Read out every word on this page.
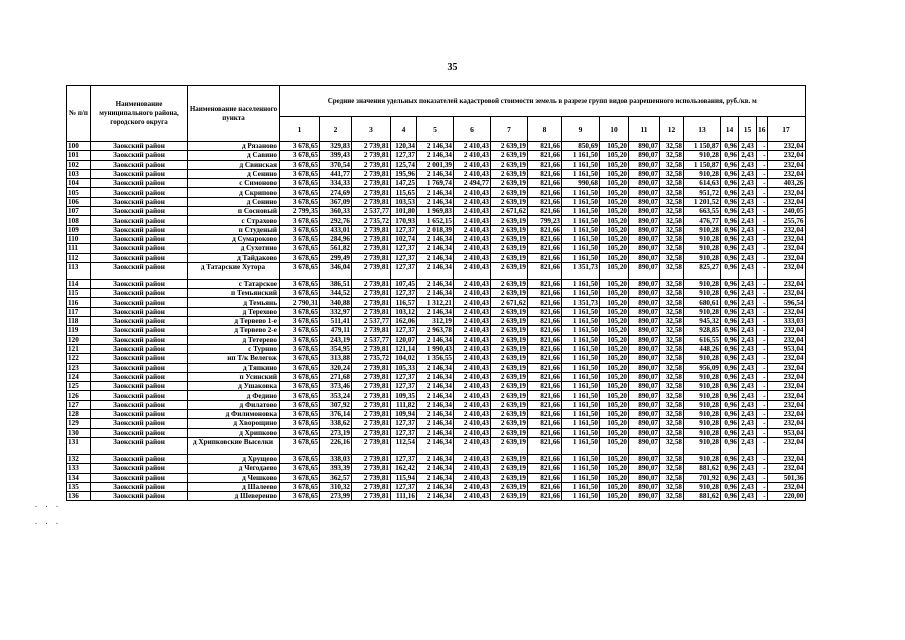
35
· · ·
· · ·
№ п/п	Наименование муниципального района, городского округа	Наименование населенного пункта	Средние значения удельных показателей кадастровой стоимости земель в разрезе групп видов разрешенного использования, руб./кв. м																
			1	2	3	4	5	6	7	8	9	10	11	12	13	14	15	16	17
100	Заокский район	д Рязаново	3 678,65	329,83	2 739,81	120,34	2 146,34	2 410,43	2 639,19	821,66	850,69	105,20	890,07	32,58	1 150,87	0,96	2,43	-	232,04
101	Заокский район	д Савино	3 678,65	399,43	2 739,81	127,37	2 146,34	2 410,43	2 639,19	821,66	1 161,50	105,20	890,07	32,58	910,28	0,96	2,43	-	232,04
102	Заокский район	д Свинская	3 678,65	370,54	2 739,81	125,74	2 001,39	2 410,43	2 639,19	821,66	1 161,50	105,20	890,07	32,58	1 150,87	0,96	2,43	-	232,04
103	Заокский район	д Сенино	3 678,65	441,77	2 739,81	195,96	2 146,34	2 410,43	2 639,19	821,66	1 161,50	105,20	890,07	32,58	910,28	0,96	2,43	-	232,04
104	Заокский район	с Симоново	3 678,65	334,33	2 739,81	147,25	1 769,74	2 494,77	2 639,19	821,66	990,68	105,20	890,07	32,58	614,63	0,96	2,43	-	403,26
105	Заокский район	д Скрипово	3 678,65	274,69	2 739,81	115,65	2 146,34	2 410,43	2 639,19	821,66	1 161,50	105,20	890,07	32,58	951,72	0,96	2,43	-	232,04
106	Заокский район	д Сонино	3 678,65	367,09	2 739,81	103,53	2 146,34	2 410,43	2 639,19	821,66	1 161,50	105,20	890,07	32,58	1 201,52	0,96	2,43	-	232,04
107	Заокский район	п Сосновый	2 799,35	360,33	2 537,77	101,80	1 969,83	2 410,43	2 671,62	821,66	1 161,50	105,20	890,07	32,58	663,55	0,96	2,43	-	240,05
108	Заокский район	с Страхово	3 678,65	292,76	2 735,72	170,93	1 652,15	2 410,43	2 639,19	799,23	1 161,50	105,20	890,07	32,58	476,77	0,96	2,43	-	255,76
109	Заокский район	п Студеный	3 678,65	433,01	2 739,81	127,37	2 018,39	2 410,43	2 639,19	821,66	1 161,50	105,20	890,07	32,58	910,28	0,96	2,43	-	232,04
110	Заокский район	д Сумароково	3 678,65	284,96	2 739,81	102,74	2 146,34	2 410,43	2 639,19	821,66	1 161,50	105,20	890,07	32,58	910,28	0,96	2,43	-	232,04
111	Заокский район	д Сухотино	3 678,65	561,82	2 739,81	127,37	2 146,34	2 410,43	2 639,19	821,66	1 161,50	105,20	890,07	32,58	910,28	0,96	2,43	-	232,04
112	Заокский район	д Тайдаково	3 678,65	299,49	2 739,81	127,37	2 146,34	2 410,43	2 639,19	821,66	1 161,50	105,20	890,07	32,58	910,28	0,96	2,43	-	232,04
113	Заокский район	д Татарские Хутора	3 678,65	346,04	2 739,81	127,37	2 146,34	2 410,43	2 639,19	821,66	1 351,73	105,20	890,07	32,58	825,27	0,96	2,43	-	232,04
114	Заокский район	с Татарское	3 678,65	386,51	2 739,81	107,45	2 146,34	2 410,43	2 639,19	821,66	1 161,50	105,20	890,07	32,58	910,28	0,96	2,43	-	232,04
115	Заокский район	п Темьянский	3 678,65	344,52	2 739,81	127,37	2 146,34	2 410,43	2 639,19	821,66	1 161,50	105,20	890,07	32,58	910,28	0,96	2,43	-	232,04
116	Заокский район	д Темьянь	2 790,31	340,88	2 739,81	116,57	1 312,21	2 410,43	2 671,62	821,66	1 351,73	105,20	890,07	32,58	680,61	0,96	2,43	-	596,54
117	Заокский район	д Терехово	3 678,65	332,97	2 739,81	103,12	2 146,34	2 410,43	2 639,19	821,66	1 161,50	105,20	890,07	32,58	910,28	0,96	2,43	-	232,04
118	Заокский район	д Тервево 1-е	3 678,65	511,41	2 537,77	162,06	312,19	2 410,43	2 639,19	821,66	1 161,50	105,20	890,07	32,58	945,32	0,96	2,43	-	333,03
119	Заокский район	д Тервево 2-е	3 678,65	479,11	2 739,81	127,37	2 963,78	2 410,43	2 639,19	821,66	1 161,50	105,20	890,07	32,58	928,85	0,96	2,43	-	232,04
120	Заокский район	д Тетерево	3 678,65	243,19	2 537,77	120,07	2 146,34	2 410,43	2 639,19	821,66	1 161,50	105,20	890,07	32,58	616,55	0,96	2,43	-	232,04
121	Заокский район	с Турнио	3 678,65	354,95	2 739,81	121,14	1 990,43	2 410,43	2 639,19	821,66	1 161,50	105,20	890,07	32,58	448,26	0,96	2,43	-	953,04
122	Заокский район	нп Т/к Велегож	3 678,65	313,88	2 735,72	104,02	1 356,55	2 410,43	2 639,19	821,66	1 161,50	105,20	890,07	32,58	910,28	0,96	2,43	-	232,04
123	Заокский район	д Тяпкино	3 678,65	320,24	2 739,81	105,33	2 146,34	2 410,43	2 639,19	821,66	1 161,50	105,20	890,07	32,58	956,09	0,96	2,43	-	232,04
124	Заокский район	п Усинский	3 678,65	271,68	2 739,81	127,37	2 146,34	2 410,43	2 639,19	821,66	1 161,50	105,20	890,07	32,58	910,28	0,96	2,43	-	232,04
125	Заокский район	д Ушаковка	3 678,65	373,46	2 739,81	127,37	2 146,34	2 410,43	2 639,19	821,66	1 161,50	105,20	890,07	32,58	910,28	0,96	2,43	-	232,04
126	Заокский район	д Федино	3 678,65	353,24	2 739,81	109,35	2 146,34	2 410,43	2 639,19	821,66	1 161,50	105,20	890,07	32,58	910,28	0,96	2,43	-	232,04
127	Заокский район	д Филатово	3 678,65	307,92	2 739,81	111,82	2 146,34	2 410,43	2 639,19	821,66	1 161,50	105,20	890,07	32,58	910,28	0,96	2,43	-	232,04
128	Заокский район	д Филимоновка	3 678,65	376,14	2 739,81	109,94	2 146,34	2 410,43	2 639,19	821,66	1 161,50	105,20	890,07	32,58	910,28	0,96	2,43	-	232,04
129	Заокский район	д Хворощино	3 678,65	338,62	2 739,81	127,37	2 146,34	2 410,43	2 639,19	821,66	1 161,50	105,20	890,07	32,58	910,28	0,96	2,43	-	232,04
130	Заокский район	д Хрипково	3 678,65	273,19	2 739,81	127,37	2 146,34	2 410,43	2 639,19	821,66	1 161,50	105,20	890,07	32,58	910,28	0,96	2,43	-	953,04
131	Заокский район	д Хрипковские Выселки	3 678,65	226,16	2 739,81	112,54	2 146,34	2 410,43	2 639,19	821,66	1 161,50	105,20	890,07	32,58	910,28	0,96	2,43	-	232,04
132	Заокский район	д Хрущево	3 678,65	338,03	2 739,81	127,37	2 146,34	2 410,43	2 639,19	821,66	1 161,50	105,20	890,07	32,58	910,28	0,96	2,43	-	232,04
133	Заокский район	д Чегодаево	3 678,65	393,39	2 739,81	162,42	2 146,34	2 410,43	2 639,19	821,66	1 161,50	105,20	890,07	32,58	881,62	0,96	2,43	-	232,04
134	Заокский район	д Чешково	3 678,65	362,57	2 739,81	115,94	2 146,34	2 410,43	2 639,19	821,66	1 161,50	105,20	890,07	32,58	701,92	0,96	2,43	-	501,36
135	Заокский район	д Шалеево	3 678,65	310,32	2 739,81	127,37	2 146,34	2 410,43	2 639,19	821,66	1 161,50	105,20	890,07	32,58	910,28	0,96	2,43	-	232,04
136	Заокский район	д Шеверенво	3 678,65	273,99	2 739,81	111,16	2 146,34	2 410,43	2 639,19	821,66	1 161,50	105,20	890,07	32,58	881,62	0,96	2,43	-	220,00
